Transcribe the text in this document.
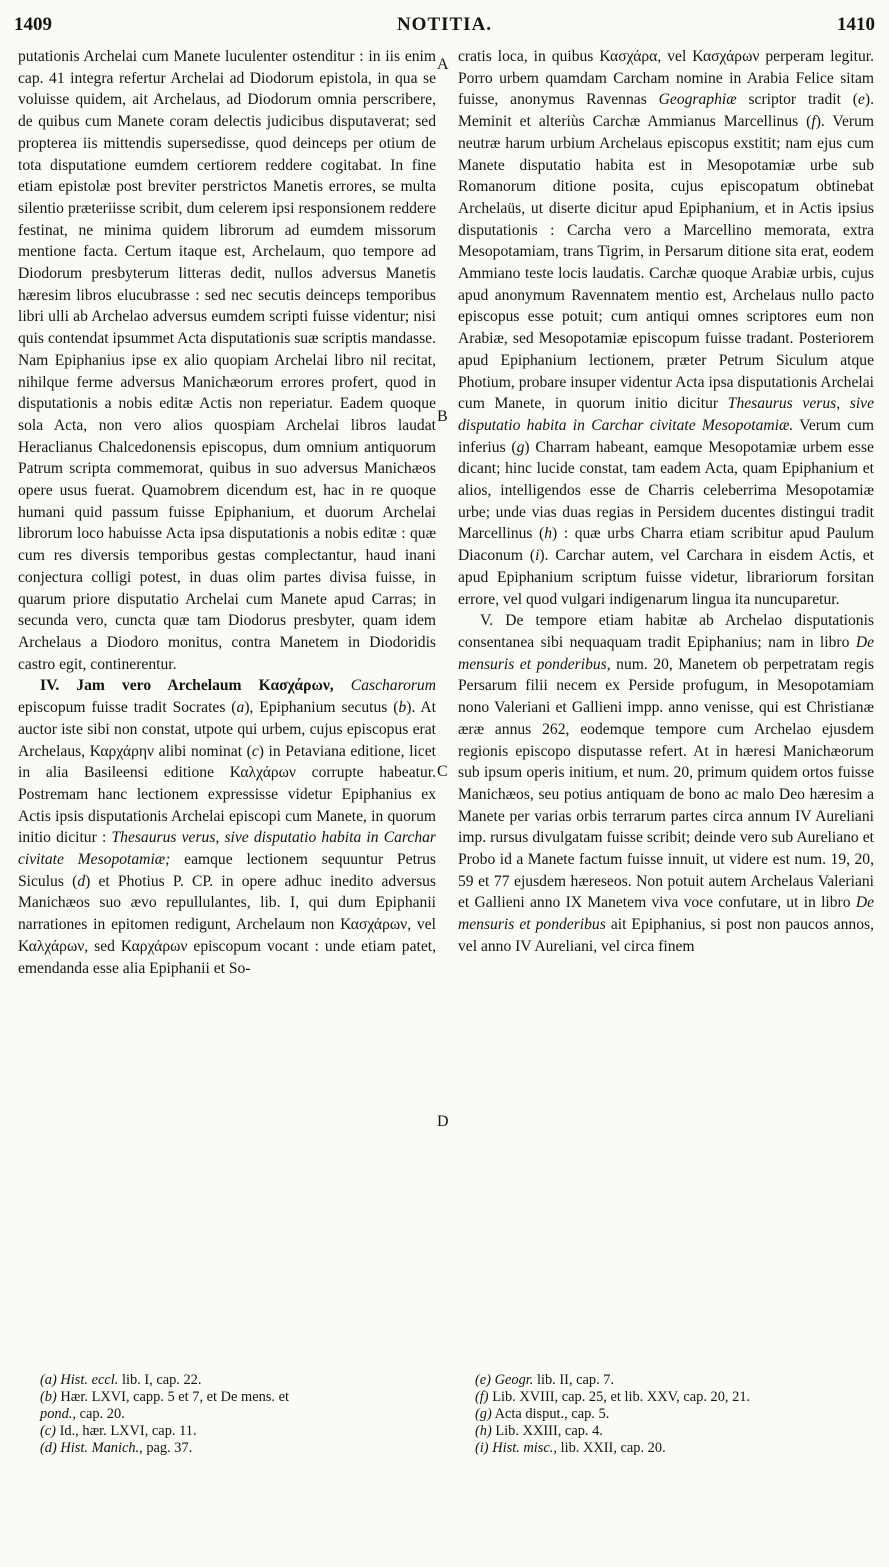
1409	NOTITIA.	1410

putationis Archelai cum Manete luculenter ostenditur : in iis enim cap. 41 integra refertur Archelai ad Diodorum epistola, in qua se voluisse quidem, ait Archelaus, ad Diodorum omnia perscribere, de quibus cum Manete coram delectis judicibus disputaverat; sed propterea iis mittendis supersedisse, quod deinceps per otium de tota disputatione eumdem certiorem reddere cogitabat. In fine etiam epistolæ post breviter perstrictos Manetis errores, se multa silentio præteriisse scribit, dum celerem ipsi responsionem reddere festinat, ne minima quidem librorum ad eumdem missorum mentione facta. Certum itaque est, Archelaum, quo tempore ad Diodorum presbyterum litteras dedit, nullos adversus Manetis hæresim libros elucubrasse : sed nec secutis deinceps temporibus libri ulli ab Archelao adversus eumdem scripti fuisse videntur; nisi quis contendat ipsummet Acta disputationis suæ scriptis mandasse. Nam Epiphanius ipse ex alio quopiam Archelai libro nil recitat, nihilque ferme adversus Manichæorum errores profert, quod in disputationis a nobis editæ Actis non reperiatur. Eadem quoque sola Acta, non vero alios quospiam Archelai libros laudat Heraclianus Chalcedonensis episcopus, dum omnium antiquorum Patrum scripta commemorat, quibus in suo adversus Manichæos opere usus fuerat. Quamobrem dicendum est, hac in re quoque humani quid passum fuisse Epiphanium, et duorum Archelai librorum loco habuisse Acta ipsa disputationis a nobis editæ : quæ cum res diversis temporibus gestas complectantur, haud inani conjectura colligi potest, in duas olim partes divisa fuisse, in quarum priore disputatio Archelai cum Manete apud Carras; in secunda vero, cuncta quæ tam Diodorus presbyter, quam idem Archelaus a Diodoro monitus, contra Manetem in Diodoridis castro egit, continerentur.

IV. Jam vero Archelaum Κασχάρων, Cascharorum episcopum fuisse tradit Socrates (a), Epiphanium secutus (b). At auctor iste sibi non constat, utpote qui urbem, cujus episcopus erat Archelaus, Καρχάρην alibi nominat (c) in Petaviana editione, licet in alia Basileensi editione Καλχάρων corrupte habeatur. Postremam hanc lectionem expressisse videtur Epiphanius ex Actis ipsis disputationis Archelai episcopi cum Manete, in quorum initio dicitur : Thesaurus verus, sive disputatio habita in Carchar civitate Mesopotamiæ; eamque lectionem sequuntur Petrus Siculus (d) et Photius P. CP. in opere adhuc inedito adversus Manichæos suo ævo repullulantes, lib. I, qui dum Epiphanii narrationes in epitomen redigunt, Archelaum non Κασχάρων, vel Καλχάρων, sed Καρχάρων episcopum vocant : unde etiam patet, emendanda esse alia Epiphanii et So-

A
B
C
D

cratis loca, in quibus Κασχάρα, vel Κασχάρων perperam legitur. Porro urbem quamdam Carcham nomine in Arabia Felice sitam fuisse, anonymus Ravennas Geographiæ scriptor tradit (e). Meminit et alteriùs Carchæ Ammianus Marcellinus (f). Verum neutræ harum urbium Archelaus episcopus exstitit; nam ejus cum Manete disputatio habita est in Mesopotamiæ urbe sub Romanorum ditione posita, cujus episcopatum obtinebat Archelaüs, ut diserte dicitur apud Epiphanium, et in Actis ipsius disputationis : Carcha vero a Marcellino memorata, extra Mesopotamiam, trans Tigrim, in Persarum ditione sita erat, eodem Ammiano teste locis laudatis. Carchæ quoque Arabiæ urbis, cujus apud anonymum Ravennatem mentio est, Archelaus nullo pacto episcopus esse potuit; cum antiqui omnes scriptores eum non Arabiæ, sed Mesopotamiæ episcopum fuisse tradant. Posteriorem apud Epiphanium lectionem, præter Petrum Siculum atque Photium, probare insuper videntur Acta ipsa disputationis Archelai cum Manete, in quorum initio dicitur Thesaurus verus, sive disputatio habita in Carchar civitate Mesopotamiæ. Verum cum inferius (g) Charram habeant, eamque Mesopotamiæ urbem esse dicant; hinc lucide constat, tam eadem Acta, quam Epiphanium et alios, intelligendos esse de Charris celeberrima Mesopotamiæ urbe; unde vias duas regias in Persidem ducentes distingui tradit Marcellinus (h) : quæ urbs Charra etiam scribitur apud Paulum Diaconum (i). Carchar autem, vel Carchara in eisdem Actis, et apud Epiphanium scriptum fuisse videtur, librariorum forsitan errore, vel quod vulgari indigenarum lingua ita nuncuparetur.

V. De tempore etiam habitæ ab Archelao disputationis consentanea sibi nequaquam tradit Epiphanius; nam in libro De mensuris et ponderibus, num. 20, Manetem ob perpetratam regis Persarum filii necem ex Perside profugum, in Mesopotamiam nono Valeriani et Gallieni impp. anno venisse, qui est Christianæ æræ annus 262, eodemque tempore cum Archelao ejusdem regionis episcopo disputasse refert. At in hæresi Manichæorum sub ipsum operis initium, et num. 20, primum quidem ortos fuisse Manichæos, seu potius antiquam de bono ac malo Deo hæresim a Manete per varias orbis terrarum partes circa annum IV Aureliani imp. rursus divulgatam fuisse scribit; deinde vero sub Aureliano et Probo id a Manete factum fuisse innuit, ut videre est num. 19, 20, 59 et 77 ejusdem hæreseos. Non potuit autem Archelaus Valeriani et Gallieni anno IX Manetem viva voce confutare, ut in libro De mensuris et ponderibus ait Epiphanius, si post non paucos annos, vel anno IV Aureliani, vel circa finem

(a) Hist. eccl. lib. I, cap. 22.
(b) Hær. LXVI, capp. 5 et 7, et De mens. et
pond., cap. 20.
(c) Id., hær. LXVI, cap. 11.
(d) Hist. Manich., pag. 37.
(e) Geogr. lib. II, cap. 7.
(f) Lib. XVIII, cap. 25, et lib. XXV, cap. 20, 21.
(g) Acta disput., cap. 5.
(h) Lib. XXIII, cap. 4.
(i) Hist. misc., lib. XXII, cap. 20.
